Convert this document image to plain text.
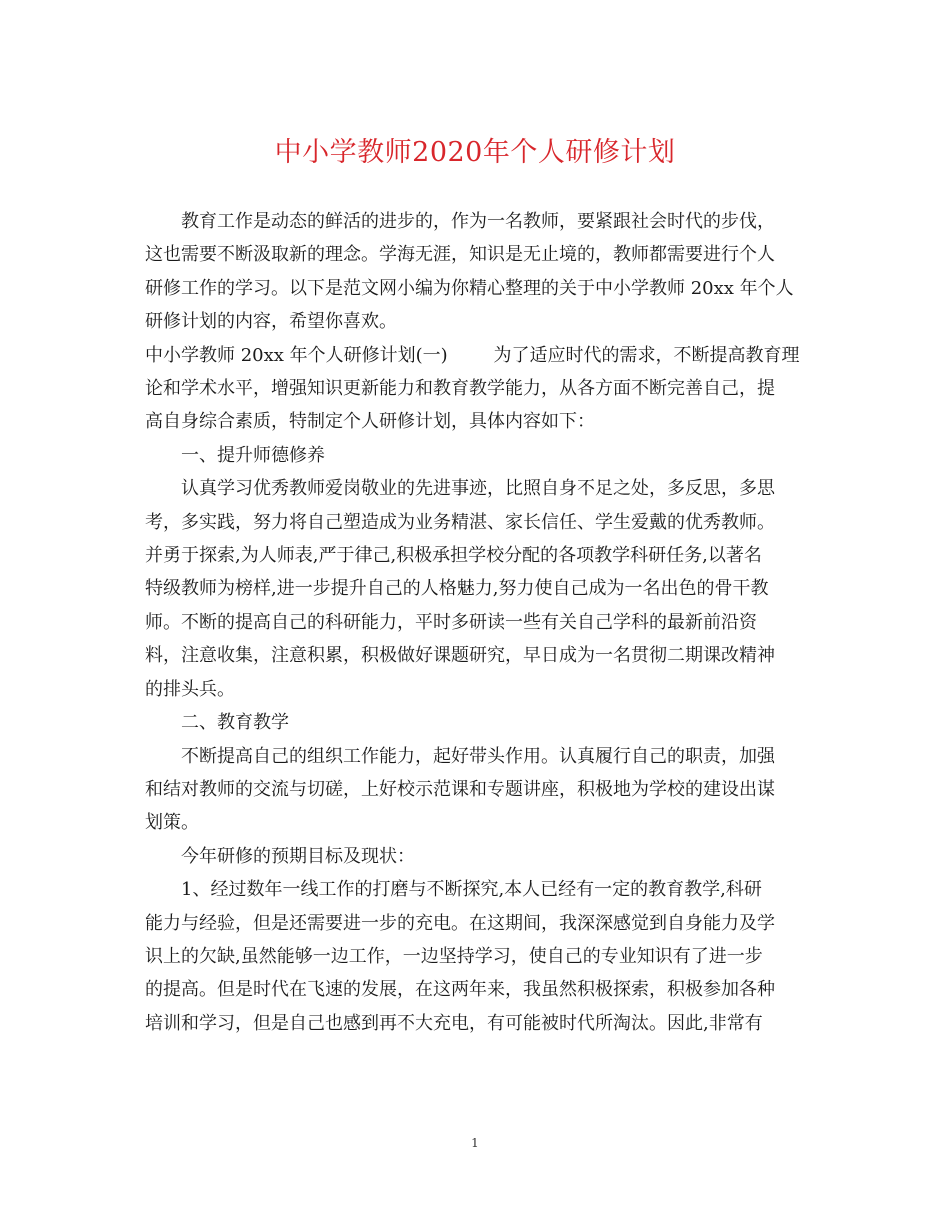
中小学教师2020年个人研修计划
教育工作是动态的鲜活的进步的，作为一名教师，要紧跟社会时代的步伐，
这也需要不断汲取新的理念。学海无涯，知识是无止境的，教师都需要进行个人
研修工作的学习。以下是范文网小编为你精心整理的关于中小学教师 20xx 年个人
研修计划的内容，希望你喜欢。
中小学教师 20xx 年个人研修计划(一)        为了适应时代的需求，不断提高教育理
论和学术水平，增强知识更新能力和教育教学能力，从各方面不断完善自己，提
高自身综合素质，特制定个人研修计划，具体内容如下：
一、提升师德修养
认真学习优秀教师爱岗敬业的先进事迹，比照自身不足之处，多反思，多思
考，多实践，努力将自己塑造成为业务精湛、家长信任、学生爱戴的优秀教师。
并勇于探索,为人师表,严于律己,积极承担学校分配的各项教学科研任务,以著名
特级教师为榜样,进一步提升自己的人格魅力,努力使自己成为一名出色的骨干教
师。不断的提高自己的科研能力，平时多研读一些有关自己学科的最新前沿资
料，注意收集，注意积累，积极做好课题研究，早日成为一名贯彻二期课改精神
的排头兵。
二、教育教学
不断提高自己的组织工作能力，起好带头作用。认真履行自己的职责，加强
和结对教师的交流与切磋，上好校示范课和专题讲座，积极地为学校的建设出谋
划策。
今年研修的预期目标及现状：
1、经过数年一线工作的打磨与不断探究,本人已经有一定的教育教学,科研
能力与经验，但是还需要进一步的充电。在这期间，我深深感觉到自身能力及学
识上的欠缺,虽然能够一边工作，一边坚持学习，使自己的专业知识有了进一步
的提高。但是时代在飞速的发展，在这两年来，我虽然积极探索，积极参加各种
培训和学习，但是自己也感到再不大充电，有可能被时代所淘汰。因此,非常有
1
